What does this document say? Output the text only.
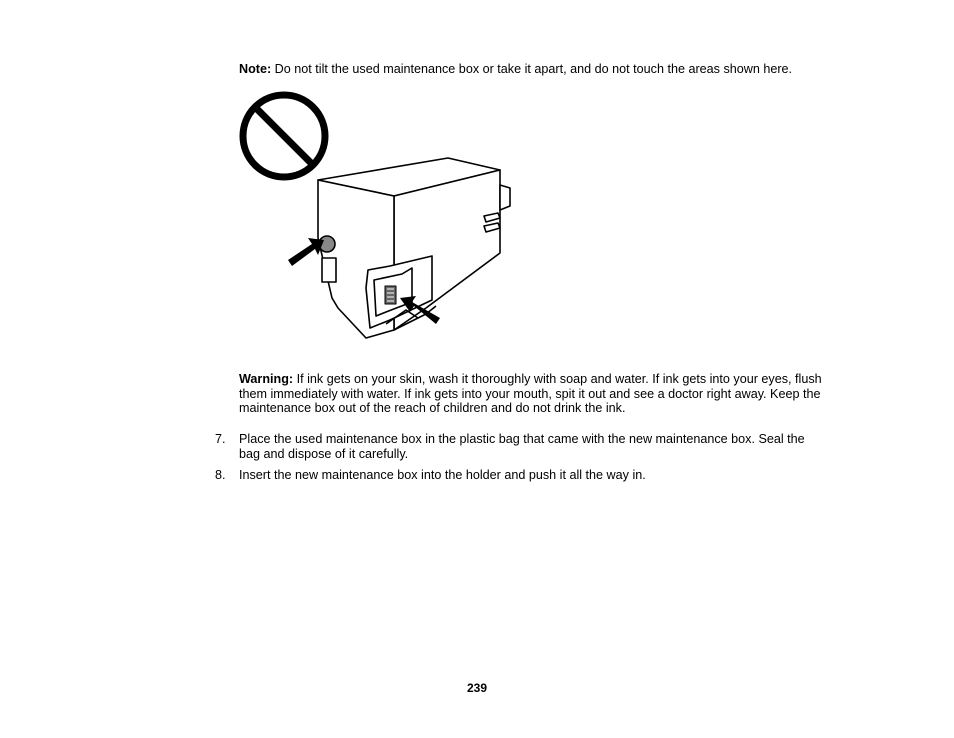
Note: Do not tilt the used maintenance box or take it apart, and do not touch the areas shown here.

Warning: If ink gets on your skin, wash it thoroughly with soap and water. If ink gets into your eyes, flush them immediately with water. If ink gets into your mouth, spit it out and see a doctor right away. Keep the maintenance box out of the reach of children and do not drink the ink.

7. Place the used maintenance box in the plastic bag that came with the new maintenance box. Seal the bag and dispose of it carefully.
8. Insert the new maintenance box into the holder and push it all the way in.
239
